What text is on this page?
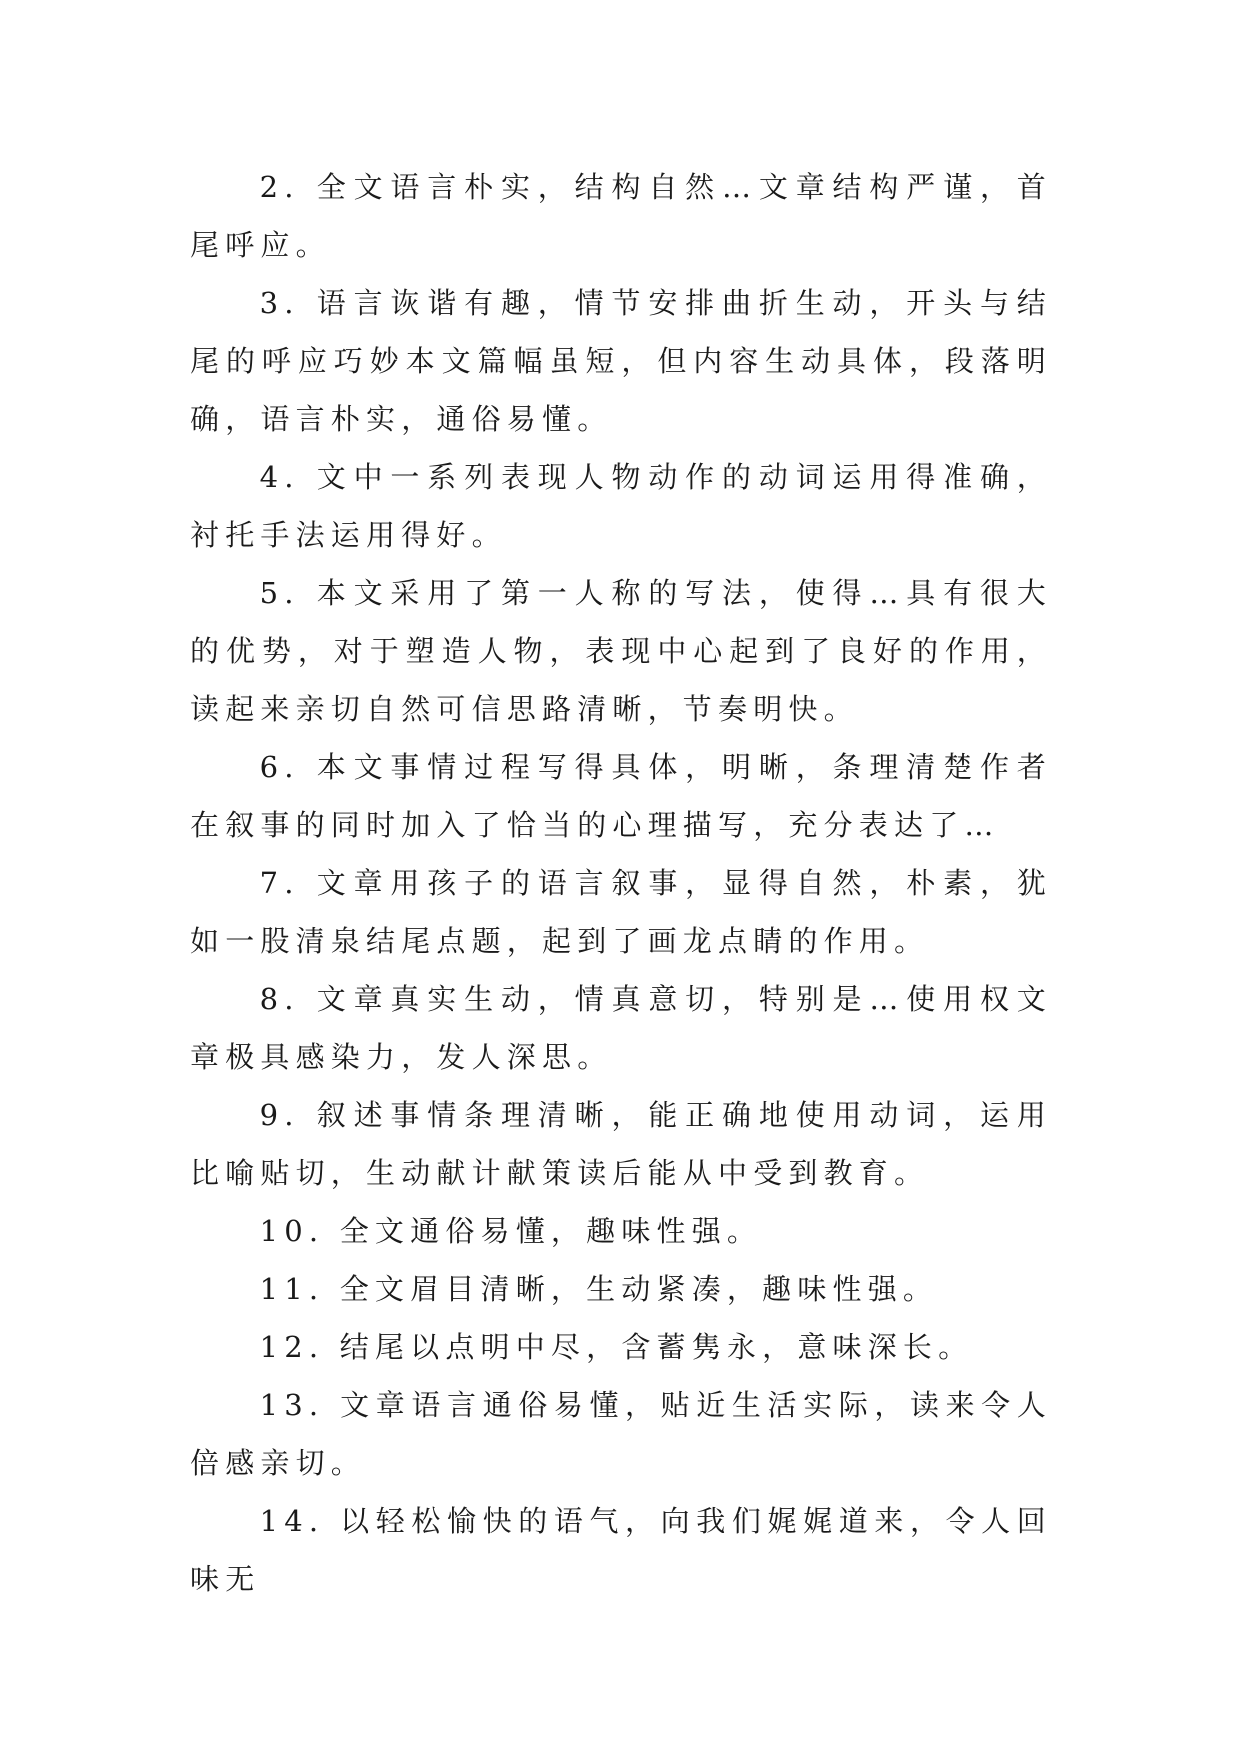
2. 全文语言朴实，结构自然…文章结构严谨，首尾呼应。

3. 语言诙谐有趣，情节安排曲折生动，开头与结尾的呼应巧妙本文篇幅虽短，但内容生动具体，段落明确，语言朴实，通俗易懂。

4. 文中一系列表现人物动作的动词运用得准确，衬托手法运用得好。

5. 本文采用了第一人称的写法，使得…具有很大的优势，对于塑造人物，表现中心起到了良好的作用，读起来亲切自然可信思路清晰，节奏明快。

6. 本文事情过程写得具体，明晰，条理清楚作者在叙事的同时加入了恰当的心理描写，充分表达了…

7. 文章用孩子的语言叙事，显得自然，朴素，犹如一股清泉结尾点题，起到了画龙点睛的作用。

8. 文章真实生动，情真意切，特别是…使用权文章极具感染力，发人深思。

9. 叙述事情条理清晰，能正确地使用动词，运用比喻贴切，生动献计献策读后能从中受到教育。

10. 全文通俗易懂，趣味性强。

11. 全文眉目清晰，生动紧凑，趣味性强。

12. 结尾以点明中尽，含蓄隽永，意味深长。

13. 文章语言通俗易懂，贴近生活实际，读来令人倍感亲切。

14. 以轻松愉快的语气，向我们娓娓道来，令人回味无
